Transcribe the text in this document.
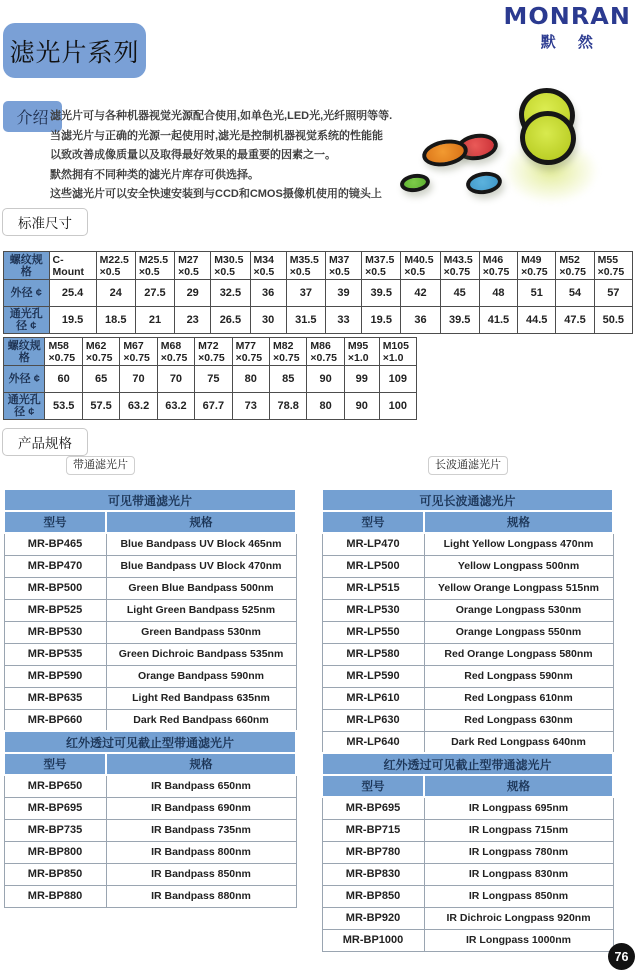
MONRAN
默 然
滤光片系列
介绍 滤光片可与各种机器视觉光源配合使用,如单色光,LED光,光纤照明等等.
当滤光片与正确的光源一起使用时,滤光是控制机器视觉系统的性能能
以致改善成像质量以及取得最好效果的最重要的因素之一。
默然拥有不同种类的滤光片库存可供选择。
这些滤光片可以安全快速安装到与CCD和CMOS摄像机使用的镜头上
标准尺寸
螺纹规格	C-Mount	M22.5 ×0.5	M25.5 ×0.5	M27 ×0.5	M30.5 ×0.5	M34 ×0.5	M35.5 ×0.5	M37 ×0.5	M37.5 ×0.5	M40.5 ×0.5	M43.5 ×0.75	M46 ×0.75	M49 ×0.75	M52 ×0.75	M55 ×0.75
外径 ¢	25.4	24	27.5	29	32.5	36	37	39	39.5	42	45	48	51	54	57
通光孔径 ¢	19.5	18.5	21	23	26.5	30	31.5	33	19.5	36	39.5	41.5	44.5	47.5	50.5
螺纹规格	M58 ×0.75	M62 ×0.75	M67 ×0.75	M68 ×0.75	M72 ×0.75	M77 ×0.75	M82 ×0.75	M86 ×0.75	M95 ×1.0	M105 ×1.0
外径 ¢	60	65	70	70	75	80	85	90	99	109
通光孔径 ¢	53.5	57.5	63.2	63.2	67.7	73	78.8	80	90	100
产品规格
带通滤光片	长波通滤光片
可见带通滤光片	
型号	规格
MR-BP465	Blue Bandpass UV Block 465nm
MR-BP470	Blue Bandpass UV Block 470nm
MR-BP500	Green Blue Bandpass 500nm
MR-BP525	Light Green Bandpass 525nm
MR-BP530	Green Bandpass 530nm
MR-BP535	Green Dichroic Bandpass 535nm
MR-BP590	Orange Bandpass 590nm
MR-BP635	Light Red Bandpass 635nm
MR-BP660	Dark Red Bandpass 660nm
红外透过可见截止型带通滤光片	
型号	规格
MR-BP650	IR Bandpass 650nm
MR-BP695	IR Bandpass 690nm
MR-BP735	IR Bandpass 735nm
MR-BP800	IR Bandpass 800nm
MR-BP850	IR Bandpass 850nm
MR-BP880	IR Bandpass 880nm
可见长波通滤光片	
型号	规格
MR-LP470	Light Yellow Longpass 470nm
MR-LP500	Yellow Longpass 500nm
MR-LP515	Yellow Orange Longpass 515nm
MR-LP530	Orange Longpass 530nm
MR-LP550	Orange Longpass 550nm
MR-LP580	Red Orange Longpass 580nm
MR-LP590	Red Longpass 590nm
MR-LP610	Red Longpass 610nm
MR-LP630	Red Longpass 630nm
MR-LP640	Dark Red Longpass 640nm
红外透过可见截止型带通滤光片	
型号	规格
MR-BP695	IR Longpass 695nm
MR-BP715	IR Longpass 715nm
MR-BP780	IR Longpass 780nm
MR-BP830	IR Longpass 830nm
MR-BP850	IR Longpass 850nm
MR-BP920	IR Dichroic Longpass 920nm
MR-BP1000	IR Longpass 1000nm
76
